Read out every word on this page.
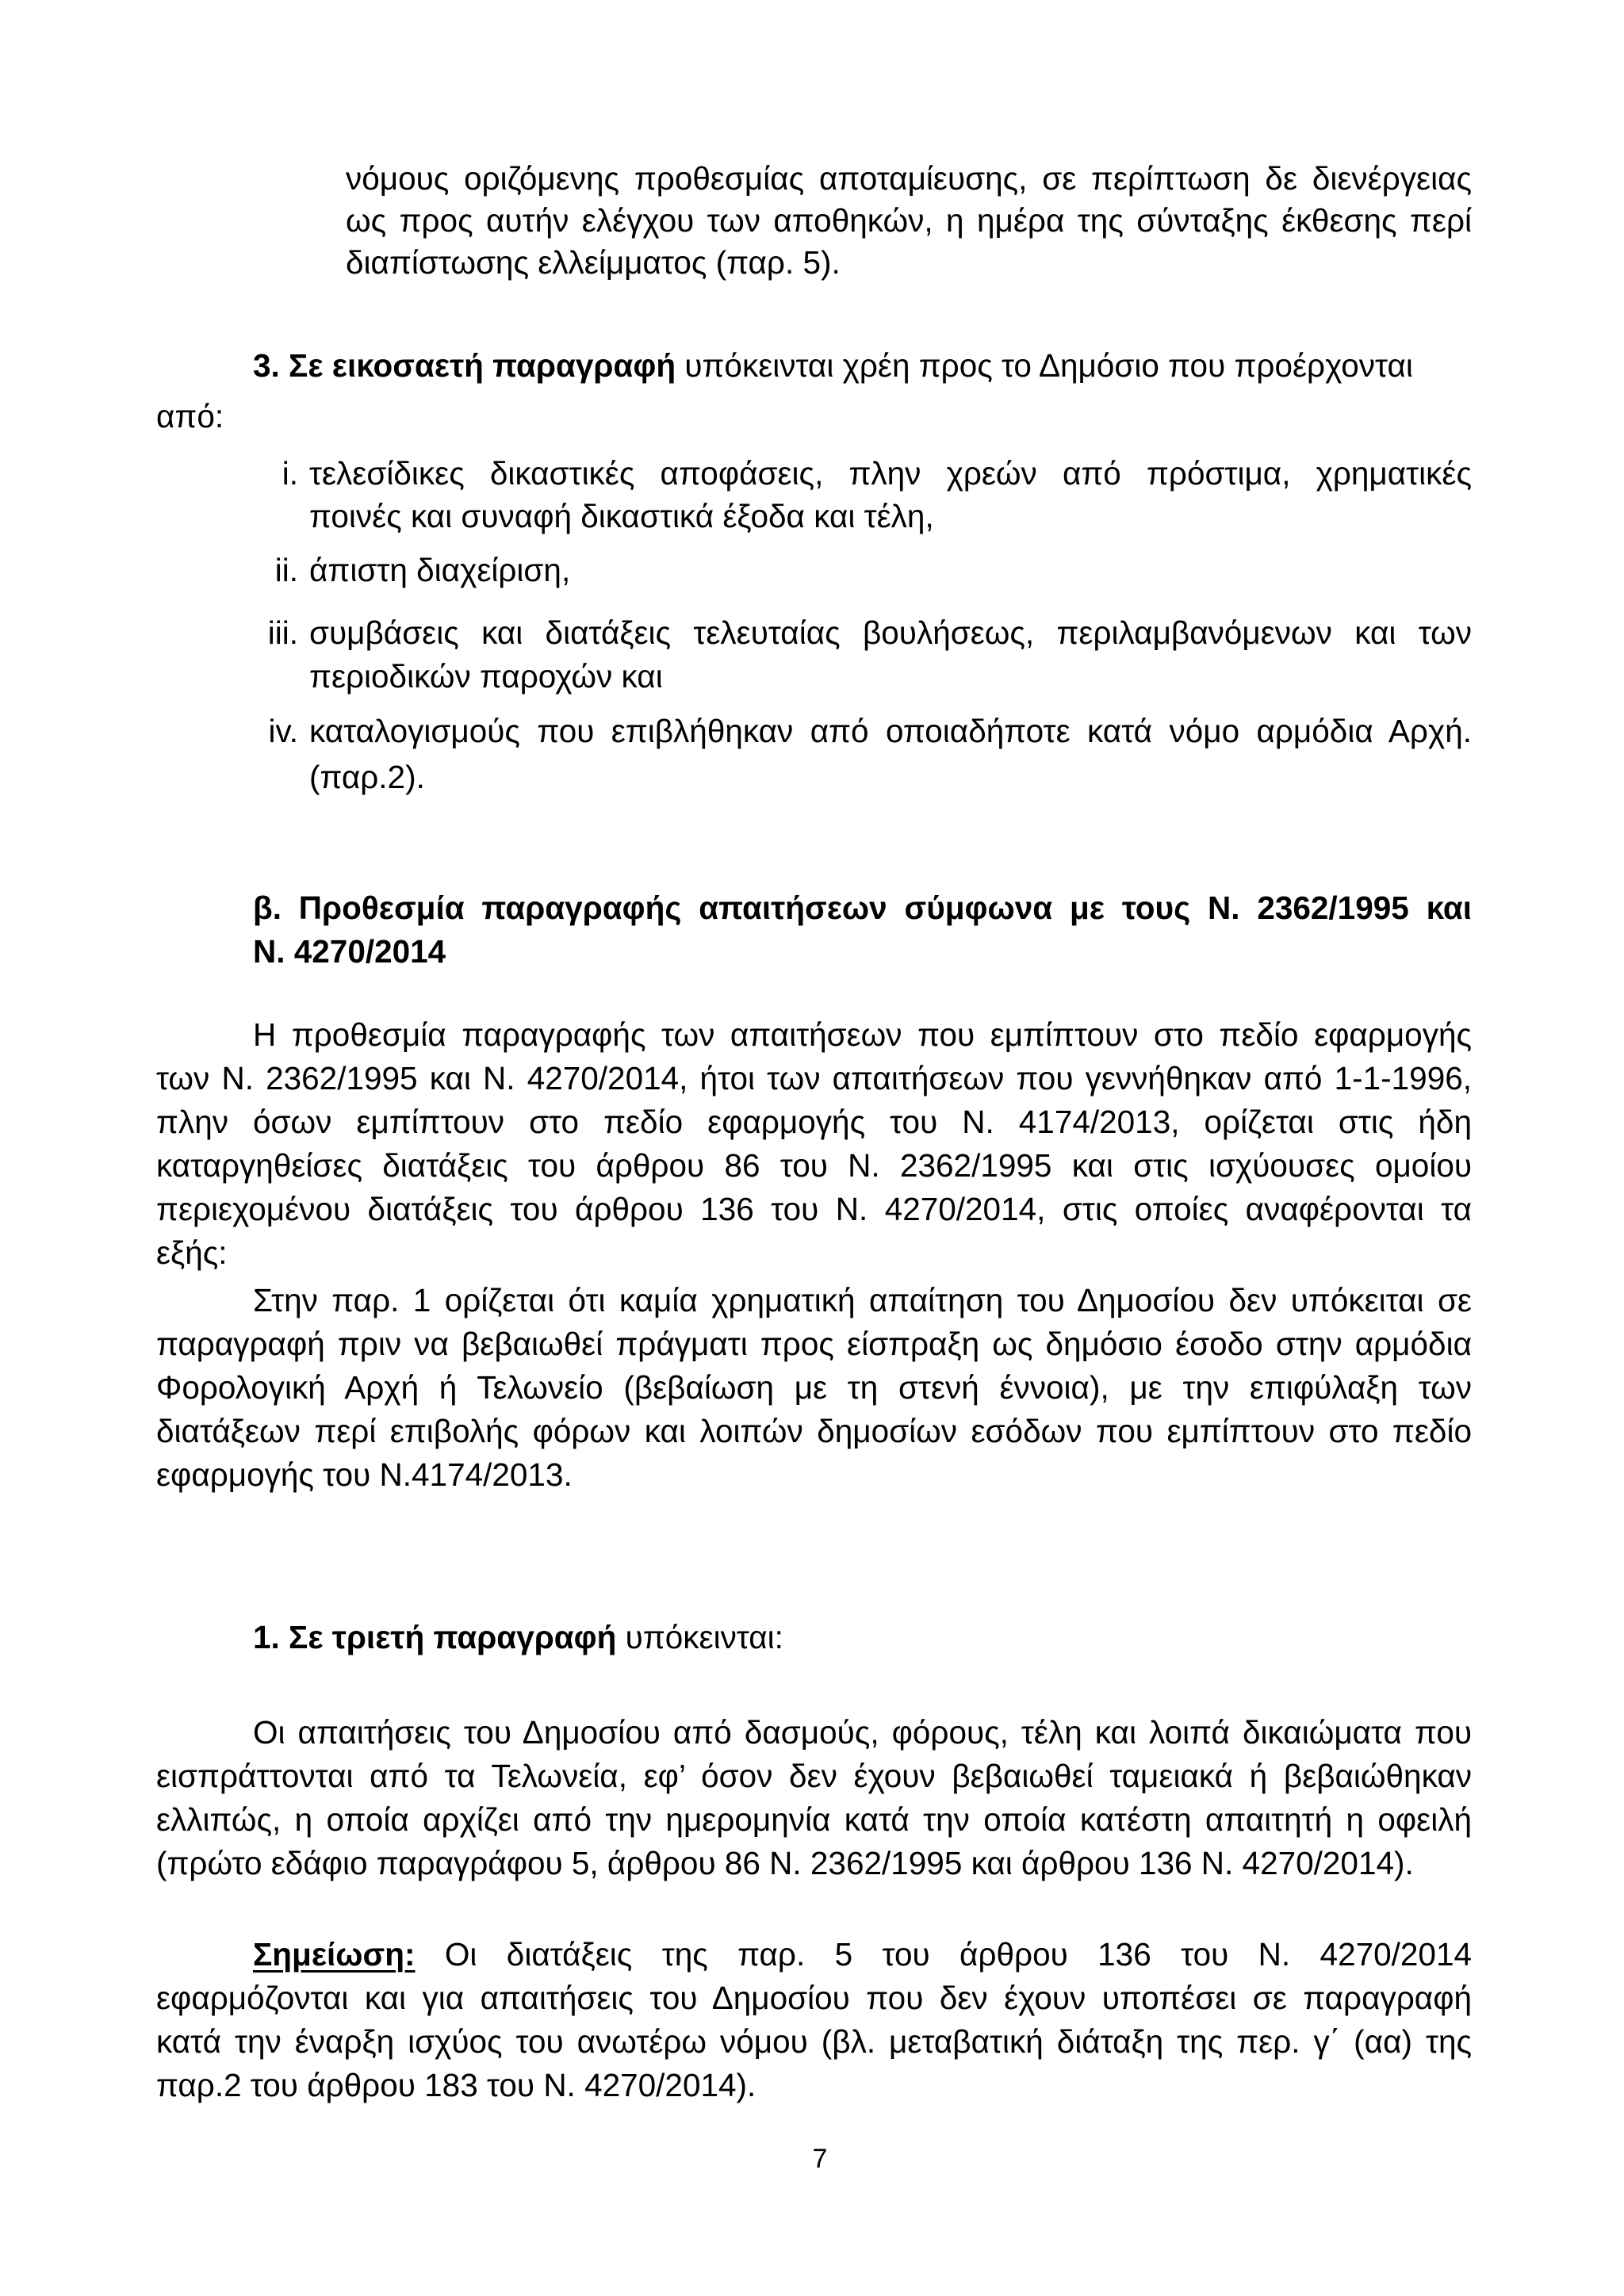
νόμους οριζόμενης προθεσμίας αποταμίευσης, σε περίπτωση δε διενέργειας
ως προς αυτήν ελέγχου των αποθηκών, η ημέρα της σύνταξης έκθεσης περί
διαπίστωσης ελλείμματος (παρ. 5).
3. Σε εικοσαετή παραγραφή υπόκεινται χρέη προς το Δημόσιο που προέρχονται
από:
i. τελεσίδικες δικαστικές αποφάσεις, πλην χρεών από πρόστιμα, χρηματικές
ποινές και συναφή δικαστικά έξοδα και τέλη,
ii. άπιστη διαχείριση,
iii. συμβάσεις και διατάξεις τελευταίας βουλήσεως, περιλαμβανόμενων και των
περιοδικών παροχών και
iv. καταλογισμούς που επιβλήθηκαν από οποιαδήποτε κατά νόμο αρμόδια Αρχή.
(παρ.2).
β. Προθεσμία παραγραφής απαιτήσεων σύμφωνα με τους Ν. 2362/1995 και
Ν. 4270/2014
Η προθεσμία παραγραφής των απαιτήσεων που εμπίπτουν στο πεδίο εφαρμογής
των Ν. 2362/1995 και Ν. 4270/2014, ήτοι των απαιτήσεων που γεννήθηκαν από 1-1-1996,
πλην όσων εμπίπτουν στο πεδίο εφαρμογής του Ν. 4174/2013, ορίζεται στις ήδη
καταργηθείσες διατάξεις του άρθρου 86 του Ν. 2362/1995 και στις ισχύουσες ομοίου
περιεχομένου διατάξεις του άρθρου 136 του Ν. 4270/2014, στις οποίες αναφέρονται τα
εξής:
Στην παρ. 1 ορίζεται ότι καμία χρηματική απαίτηση του Δημοσίου δεν υπόκειται σε
παραγραφή πριν να βεβαιωθεί πράγματι προς είσπραξη ως δημόσιο έσοδο στην αρμόδια
Φορολογική Αρχή ή Τελωνείο (βεβαίωση με τη στενή έννοια), με την επιφύλαξη των
διατάξεων περί επιβολής φόρων και λοιπών δημοσίων εσόδων που εμπίπτουν στο πεδίο
εφαρμογής του Ν.4174/2013.
1. Σε τριετή παραγραφή υπόκεινται:
Οι απαιτήσεις του Δημοσίου από δασμούς, φόρους, τέλη και λοιπά δικαιώματα που
εισπράττονται από τα Τελωνεία, εφ’ όσον δεν έχουν βεβαιωθεί ταμειακά ή βεβαιώθηκαν
ελλιπώς, η οποία αρχίζει από την ημερομηνία κατά την οποία κατέστη απαιτητή η οφειλή
(πρώτο εδάφιο παραγράφου 5, άρθρου 86 Ν. 2362/1995 και άρθρου 136 Ν. 4270/2014).
Σημείωση: Οι διατάξεις της παρ. 5 του άρθρου 136 του Ν. 4270/2014
εφαρμόζονται και για απαιτήσεις του Δημοσίου που δεν έχουν υποπέσει σε παραγραφή
κατά την έναρξη ισχύος του ανωτέρω νόμου (βλ. μεταβατική διάταξη της περ. γ΄ (αα) της
παρ.2 του άρθρου 183 του Ν. 4270/2014).
7
